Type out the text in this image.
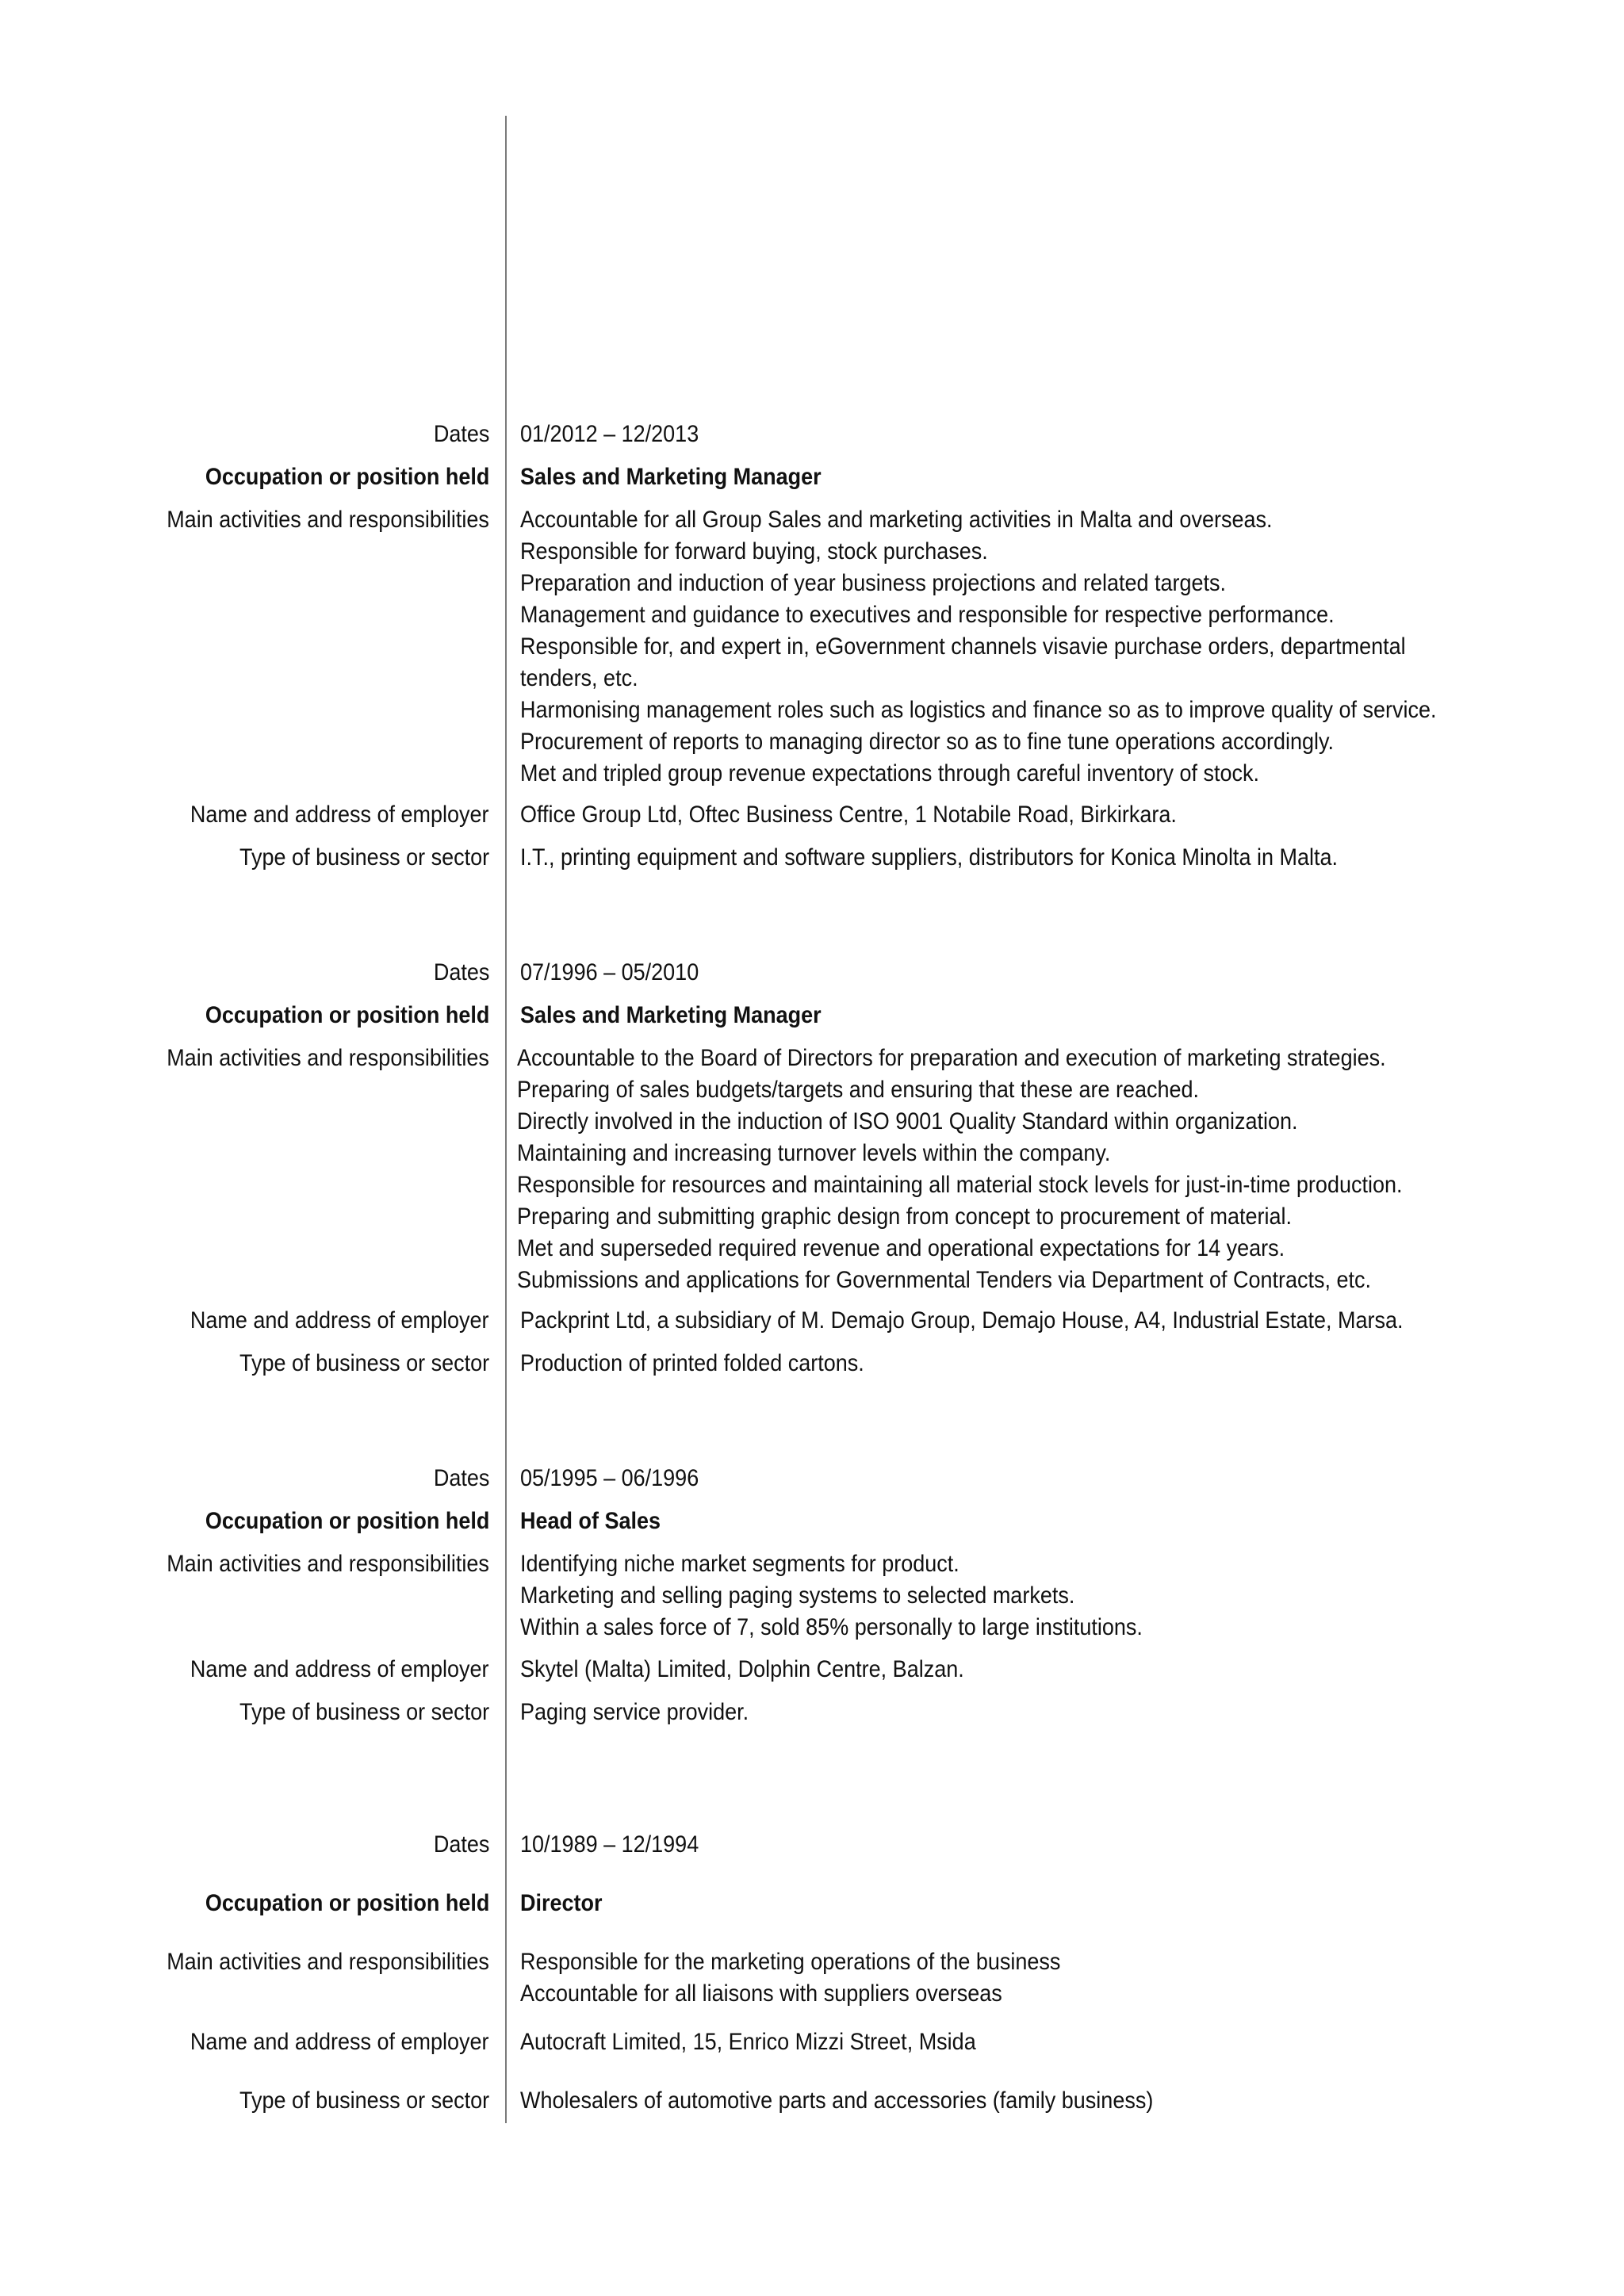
Dates 01/2012 – 12/2013
Occupation or position held Sales and Marketing Manager
Main activities and responsibilities Accountable for all Group Sales and marketing activities in Malta and overseas.
Responsible for forward buying, stock purchases.
Preparation and induction of year business projections and related targets.
Management and guidance to executives and responsible for respective performance.
Responsible for, and expert in, eGovernment channels visavie purchase orders, departmental
tenders, etc.
Harmonising management roles such as logistics and finance so as to improve quality of service.
Procurement of reports to managing director so as to fine tune operations accordingly.
Met and tripled group revenue expectations through careful inventory of stock.
Name and address of employer Office Group Ltd, Oftec Business Centre, 1 Notabile Road, Birkirkara.
Type of business or sector I.T., printing equipment and software suppliers, distributors for Konica Minolta in Malta.
Dates 07/1996 – 05/2010
Occupation or position held Sales and Marketing Manager
Main activities and responsibilities Accountable to the Board of Directors for preparation and execution of marketing strategies.
Preparing of sales budgets/targets and ensuring that these are reached.
Directly involved in the induction of ISO 9001 Quality Standard within organization.
Maintaining and increasing turnover levels within the company.
Responsible for resources and maintaining all material stock levels for just-in-time production.
Preparing and submitting graphic design from concept to procurement of material.
Met and superseded required revenue and operational expectations for 14 years.
Submissions and applications for Governmental Tenders via Department of Contracts, etc.
Name and address of employer Packprint Ltd, a subsidiary of M. Demajo Group, Demajo House, A4, Industrial Estate, Marsa.
Type of business or sector Production of printed folded cartons.
Dates 05/1995 – 06/1996
Occupation or position held Head of Sales
Main activities and responsibilities Identifying niche market segments for product.
Marketing and selling paging systems to selected markets.
Within a sales force of 7, sold 85% personally to large institutions.
Name and address of employer Skytel (Malta) Limited, Dolphin Centre, Balzan.
Type of business or sector Paging service provider.
Dates 10/1989 – 12/1994
Occupation or position held Director
Main activities and responsibilities Responsible for the marketing operations of the business
Accountable for all liaisons with suppliers overseas
Name and address of employer Autocraft Limited, 15, Enrico Mizzi Street, Msida
Type of business or sector Wholesalers of automotive parts and accessories (family business)
